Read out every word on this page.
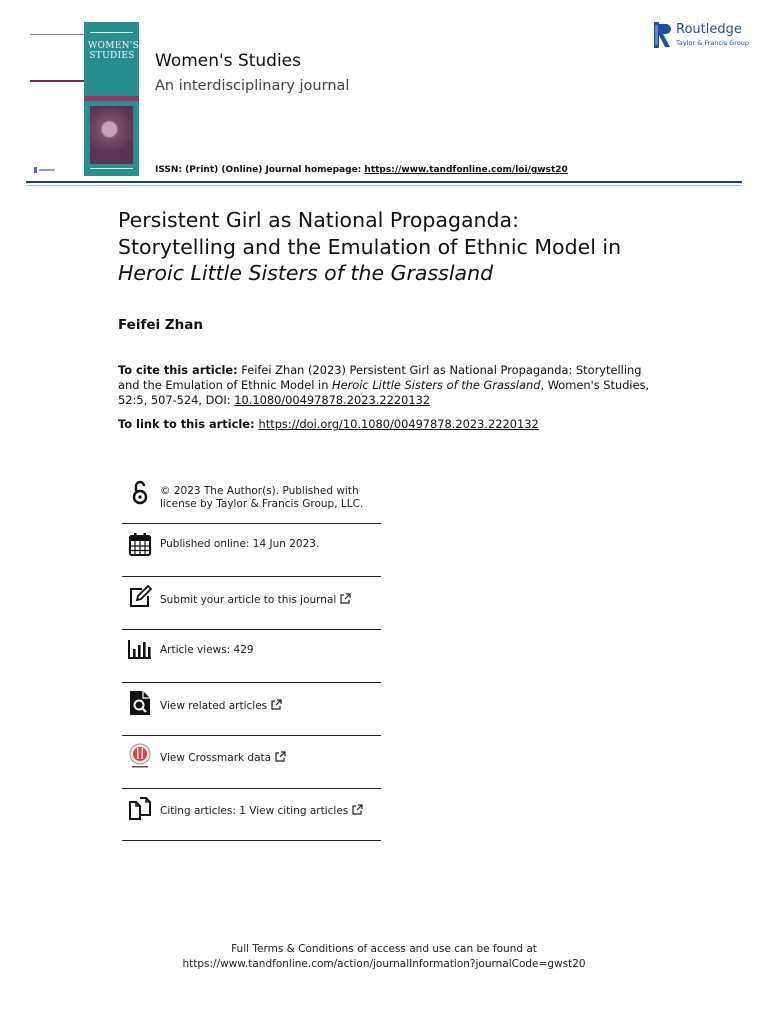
WOMEN'S
STUDIES Women's Studies
An interdisciplinary journal
ISSN: (Print) (Online) Journal homepage: https://www.tandfonline.com/loi/gwst20
Routledge
Taylor & Francis Group
Persistent Girl as National Propaganda:
Storytelling and the Emulation of Ethnic Model in
Heroic Little Sisters of the Grassland
Feifei Zhan
To cite this article: Feifei Zhan (2023) Persistent Girl as National Propaganda: Storytelling and the Emulation of Ethnic Model in Heroic Little Sisters of the Grassland, Women's Studies, 52:5, 507-524, DOI: 10.1080/00497878.2023.2220132
To link to this article: https://doi.org/10.1080/00497878.2023.2220132
© 2023 The Author(s). Published with
license by Taylor & Francis Group, LLC.
Published online: 14 Jun 2023.
Submit your article to this journal
Article views: 429
View related articles
View Crossmark data
Citing articles: 1 View citing articles
Full Terms & Conditions of access and use can be found at
https://www.tandfonline.com/action/journalInformation?journalCode=gwst20
